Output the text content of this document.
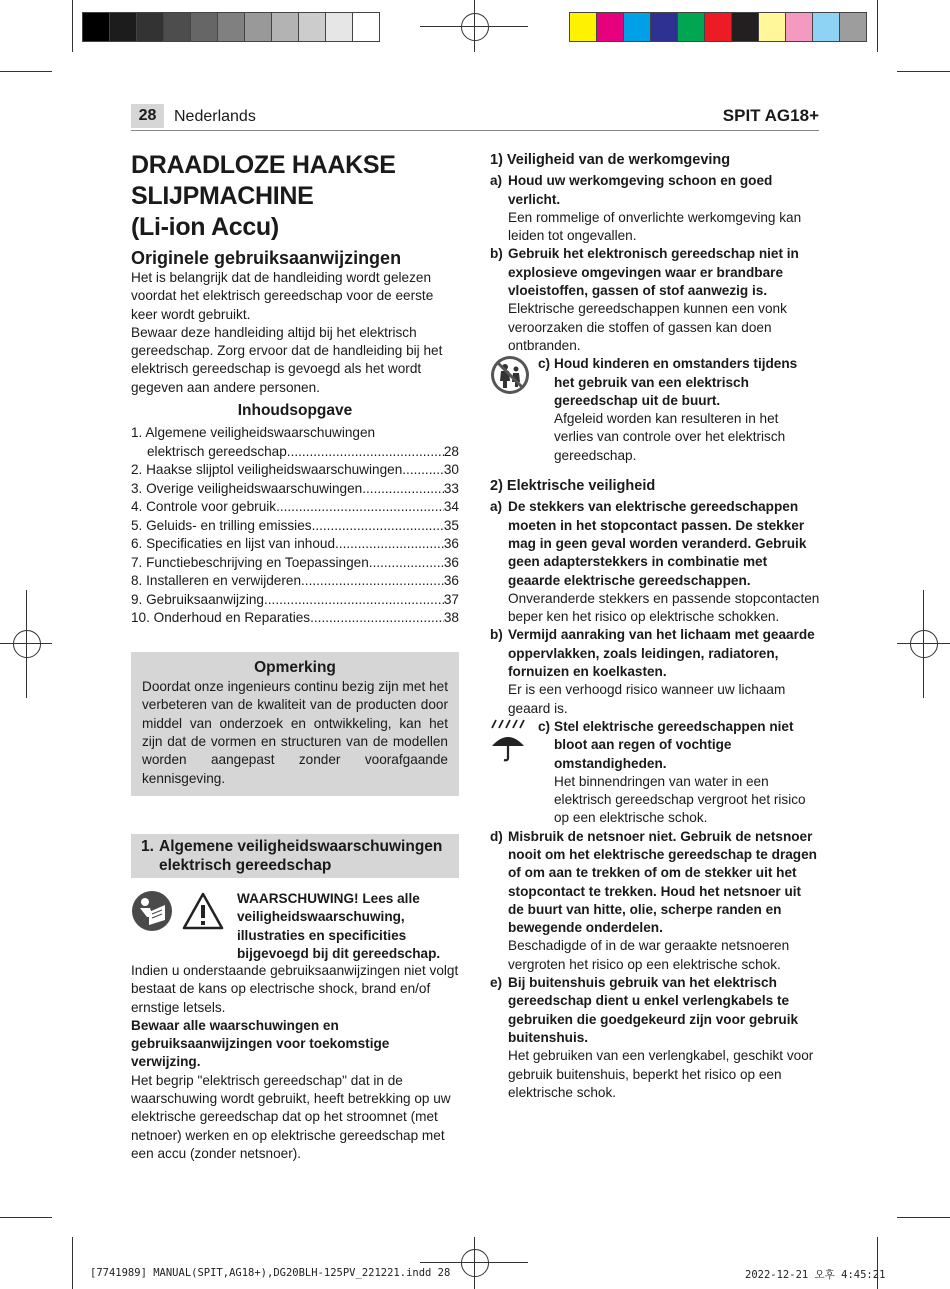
28	Nederlands	SPIT AG18+
DRAADLOZE HAAKSE
SLIJPMACHINE
(Li-ion Accu)
Originele gebruiksaanwijzingen

Het is belangrijk dat de handleiding wordt gelezen voordat het elektrisch gereedschap voor de eerste keer wordt gebruikt.

Bewaar deze handleiding altijd bij het elektrisch gereedschap. Zorg ervoor dat de handleiding bij het elektrisch gereedschap is gevoegd als het wordt gegeven aan andere personen.

Inhoudsopgave
1. Algemene veiligheidswaarschuwingen
elektrisch gereedschap .....	28
2. Haakse slijptol veiligheidswaarschuwingen .....	30
3. Overige veiligheidswaarschuwingen .....	33
4. Controle voor gebruik .....	34
5. Geluids- en trilling emissies .....	35
6. Specificaties en lijst van inhoud .....	36
7. Functiebeschrijving en Toepassingen .....	36
8. Installeren en verwijderen .....	36
9. Gebruiksaanwijzing .....	37
10. Onderhoud en Reparaties .....	38
Opmerking

Doordat onze ingenieurs continu bezig zijn met het verbeteren van de kwaliteit van de producten door middel van onderzoek en ontwikkeling, kan het zijn dat de vormen en structuren van de modellen worden aangepast zonder voorafgaande kennisgeving.

1. Algemene veiligheidswaarschuwingen elektrisch gereedschap
WAARSCHUWING! Lees alle veiligheidswaarschuwing, illustraties en specificities bijgevoegd bij dit gereedschap.

Indien u onderstaande gebruiksaanwijzingen niet volgt bestaat de kans op electrische shock, brand en/of ernstige letsels.

Bewaar alle waarschuwingen en gebruiksaanwijzingen voor toekomstige verwijzing.

Het begrip "elektrisch gereedschap" dat in de waarschuwing wordt gebruikt, heeft betrekking op uw elektrische gereedschap dat op het stroomnet (met netnoer) werken en op elektrische gereedschap met een accu (zonder netsnoer).

1) Veiligheid van de werkomgeving
a) Houd uw werkomgeving schoon en goed verlicht.
Een rommelige of onverlichte werkomgeving kan leiden tot ongevallen.
b) Gebruik het elektronisch gereedschap niet in explosieve omgevingen waar er brandbare vloeistoffen, gassen of stof aanwezig is.
Elektrische gereedschappen kunnen een vonk veroorzaken die stoffen of gassen kan doen ontbranden.
c) Houd kinderen en omstanders tijdens het gebruik van een elektrisch gereedschap uit de buurt.
Afgeleid worden kan resulteren in het verlies van controle over het elektrisch gereedschap.
2) Elektrische veiligheid
a) De stekkers van elektrische gereedschappen moeten in het stopcontact passen. De stekker mag in geen geval worden veranderd. Gebruik geen adapterstekkers in combinatie met geaarde elektrische gereedschappen.
Onveranderde stekkers en passende stopcontacten beper ken het risico op elektrische schokken.
b) Vermijd aanraking van het lichaam met geaarde oppervlakken, zoals leidingen, radiatoren, fornuizen en koelkasten.
Er is een verhoogd risico wanneer uw lichaam geaard is.
c) Stel elektrische gereedschappen niet bloot aan regen of vochtige omstandigheden.
Het binnendringen van water in een elektrisch gereedschap vergroot het risico op een elektrische schok.
d) Misbruik de netsnoer niet. Gebruik de netsnoer nooit om het elektrische gereedschap te dragen of om aan te trekken of om de stekker uit het stopcontact te trekken. Houd het netsnoer uit de buurt van hitte, olie, scherpe randen en bewegende onderdelen.
Beschadigde of in de war geraakte netsnoeren vergroten het risico op een elektrische schok.
e) Bij buitenshuis gebruik van het elektrisch gereedschap dient u enkel verlengkabels te gebruiken die goedgekeurd zijn voor gebruik buitenshuis.
Het gebruiken van een verlengkabel, geschikt voor gebruik buitenshuis, beperkt het risico op een elektrische schok.
[7741989] MANUAL(SPIT,AG18+),DG20BLH-125PV_221221.indd 28	2022-12-21 오후 4:45:21
